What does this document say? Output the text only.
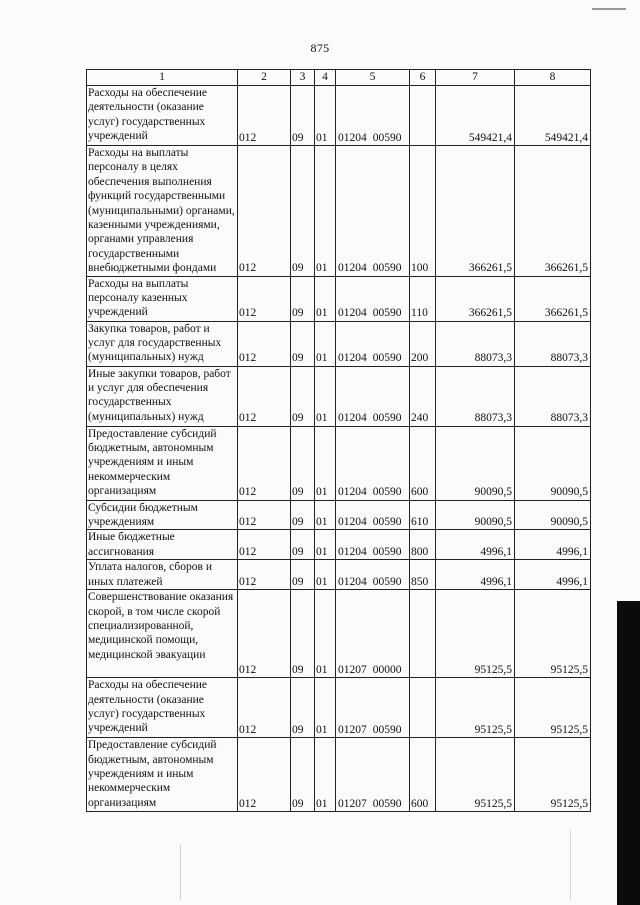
875
1	2	3	4	5	6	7	8
Расходы на обеспечение деятельности (оказание услуг) государственных учреждений	012	09	01	01204 00590		549421,4	549421,4
Расходы на выплаты персоналу в целях обеспечения выполнения функций государственными (муниципальными) органами, казенными учреждениями, органами управления государственными внебюджетными фондами	012	09	01	01204 00590	100	366261,5	366261,5
Расходы на выплаты персоналу казенных учреждений	012	09	01	01204 00590	110	366261,5	366261,5
Закупка товаров, работ и услуг для государственных (муниципальных) нужд	012	09	01	01204 00590	200	88073,3	88073,3
Иные закупки товаров, работ и услуг для обеспечения государственных (муниципальных) нужд	012	09	01	01204 00590	240	88073,3	88073,3
Предоставление субсидий бюджетным, автономным учреждениям и иным некоммерческим организациям	012	09	01	01204 00590	600	90090,5	90090,5
Субсидии бюджетным учреждениям	012	09	01	01204 00590	610	90090,5	90090,5
Иные бюджетные ассигнования	012	09	01	01204 00590	800	4996,1	4996,1
Уплата налогов, сборов и иных платежей	012	09	01	01204 00590	850	4996,1	4996,1
Совершенствование оказания скорой, в том числе скорой специализированной, медицинской помощи, медицинской эвакуации	012	09	01	01207 00000		95125,5	95125,5
Расходы на обеспечение деятельности (оказание услуг) государственных учреждений	012	09	01	01207 00590		95125,5	95125,5
Предоставление субсидий бюджетным, автономным учреждениям и иным некоммерческим организациям	012	09	01	01207 00590	600	95125,5	95125,5
